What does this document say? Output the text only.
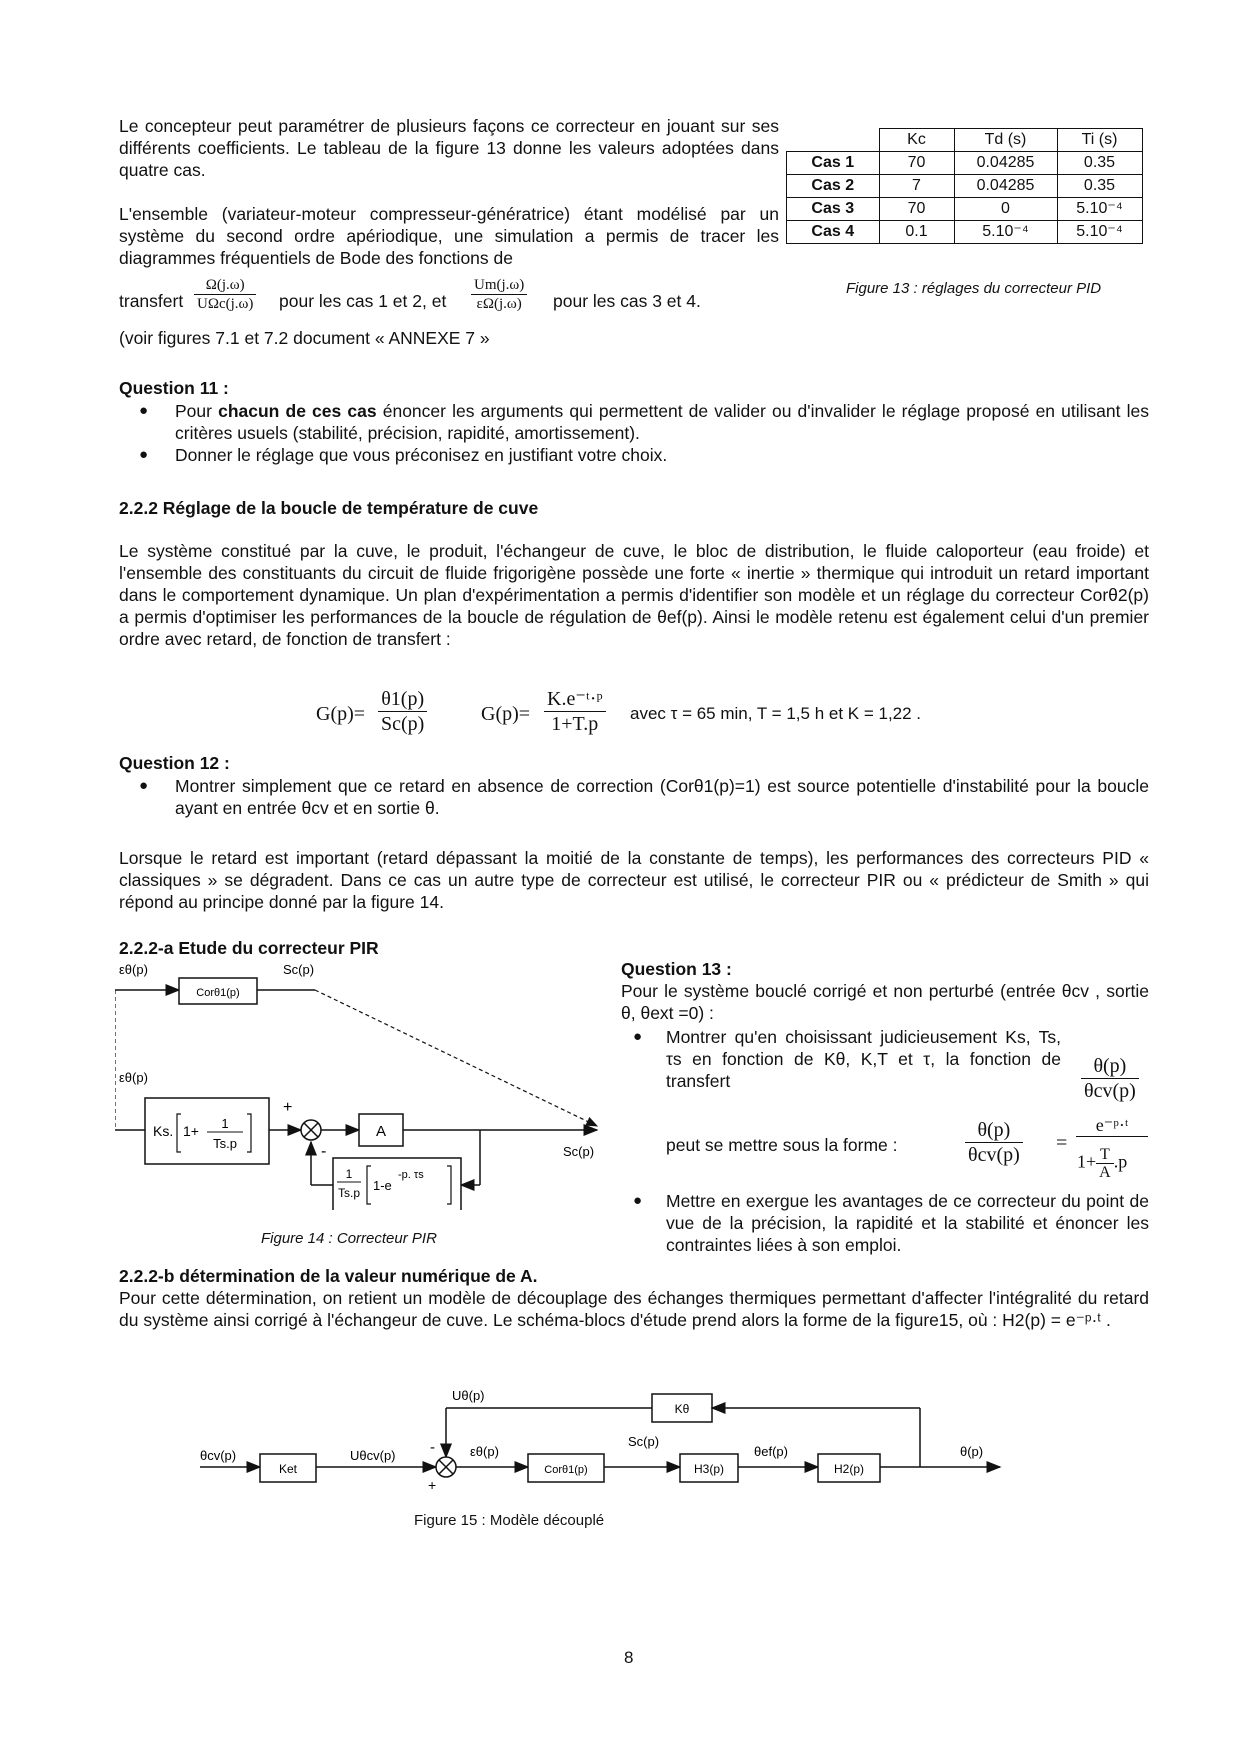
Le concepteur peut paramétrer de plusieurs façons ce correcteur en jouant sur ses différents coefficients. Le tableau de la figure 13 donne les valeurs adoptées dans quatre cas.
L'ensemble (variateur-moteur compresseur-génératrice) étant modélisé par un système du second ordre apériodique, une simulation a permis de tracer les diagrammes fréquentiels de Bode des fonctions de
transfert
Ω(j.ω)
UΩc(j.ω) pour les cas 1 et 2, et $\frac{Um(j.\omega)}{\varepsilon\Omega(j.\omega)}$ pour les cas 3 et 4.
(voir figures 7.1 et 7.2 document « ANNEXE 7 »
	Kc	Td (s)	Ti (s)
Cas 1	70	0.04285	0.35
Cas 2	7	0.04285	0.35
Cas 3	70	0	5.10⁻⁴
Cas 4	0.1	5.10⁻⁴	5.10⁻⁴
Figure 13 : réglages du correcteur PID
Question 11 :
● Pour chacun de ces cas énoncer les arguments qui permettent de valider ou d'invalider le réglage proposé en utilisant les critères usuels (stabilité, précision, rapidité, amortissement).
● Donner le réglage que vous préconisez en justifiant votre choix.
2.2.2 Réglage de la boucle de température de cuve
Le système constitué par la cuve, le produit, l'échangeur de cuve, le bloc de distribution, le fluide caloporteur (eau froide) et l'ensemble des constituants du circuit de fluide frigorigène possède une forte « inertie » thermique qui introduit un retard important dans le comportement dynamique. Un plan d'expérimentation a permis d'identifier son modèle et un réglage du correcteur Corθ2(p) a permis d'optimiser les performances de la boucle de régulation de θef(p). Ainsi le modèle retenu est également celui d'un premier ordre avec retard, de fonction de transfert :
$G(p)= \frac{\theta 1(p)}{Sc(p)}$	$G(p)= \frac{\text{K.e⁻ᵗ·ᵖ}}{1+T.p}$ avec τ = 65 min, T = 1,5 h et K = 1,22 .
Question 12 :
● Montrer simplement que ce retard en absence de correction (Corθ1(p)=1) est source potentielle d'instabilité pour la boucle ayant en entrée θcv et en sortie θ.
Lorsque le retard est important (retard dépassant la moitié de la constante de temps), les performances des correcteurs PID « classiques » se dégradent. Dans ce cas un autre type de correcteur est utilisé, le correcteur PIR ou « prédicteur de Smith » qui répond au principe donné par la figure 14.
2.2.2-a Etude du correcteur PIR
εθ(p)
Corθ1(p)
Sc(p)
εθ(p)
Ks. 1+ 1
Ts.p
+
A
Sc(p)
1
Ts.p 1-e
-p. τs
-
Figure 14 : Correcteur PIR
Question 13 :
Pour le système bouclé corrigé et non perturbé (entrée θcv , sortie θ, θext =0) :
● Montrer qu'en choisissant judicieusement Ks, Ts, τs en fonction de Kθ, K,T et τ, la fonction de transfert
θ(p)
θcv(p)
peut se mettre sous la forme :
θ(p)
θcv(p)
=
e⁻ᵖ·ᵗ
$1+ \frac{T}{A} .p$
● Mettre en exergue les avantages de ce correcteur du point de vue de la précision, la rapidité et la stabilité et énoncer les contraintes liées à son emploi.
2.2.2-b détermination de la valeur numérique de A.
Pour cette détermination, on retient un modèle de découplage des échanges thermiques permettant d'affecter l'intégralité du retard du système ainsi corrigé à l'échangeur de cuve. Le schéma-blocs d'étude prend alors la forme de la figure15, où : H2(p) = e⁻ᵖ·ᵗ .
Uθ(p)
Kθ
θcv(p)
Ket
Uθcv(p) -
+
εθ(p)
Corθ1(p)
Sc(p)
H3(p)
θef(p)
H2(p)
θ(p)
Figure 15 : Modèle découplé
8
